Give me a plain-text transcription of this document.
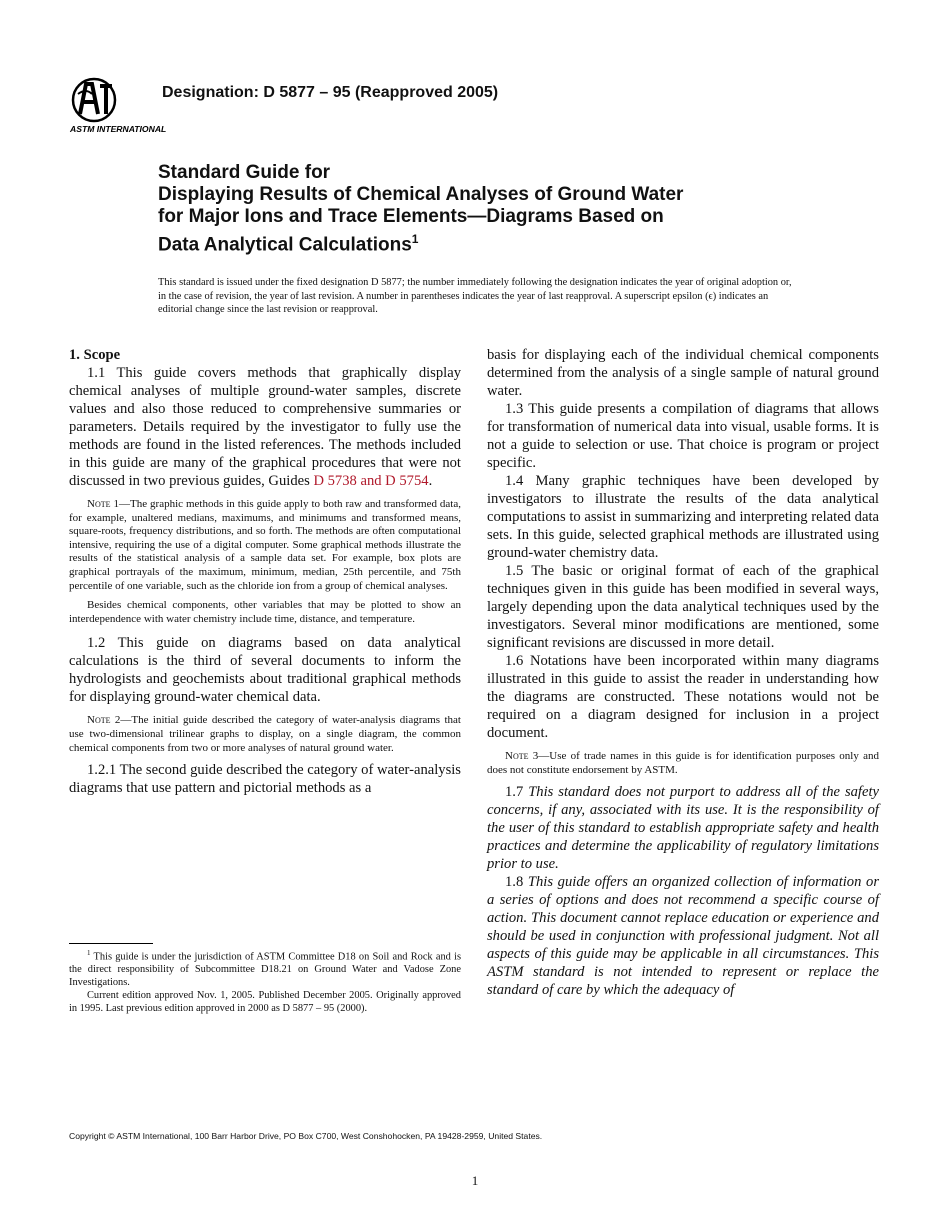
ASTM INTERNATIONAL
Designation: D 5877 – 95 (Reapproved 2005)
Standard Guide for
Displaying Results of Chemical Analyses of Ground Water
for Major Ions and Trace Elements—Diagrams Based on
Data Analytical Calculations$^1$

This standard is issued under the fixed designation D 5877; the number immediately following the designation indicates the year of original adoption or, in the case of revision, the year of last revision. A number in parentheses indicates the year of last reapproval. A superscript epsilon (ϵ) indicates an editorial change since the last revision or reapproval.

1. Scope

1.1 This guide covers methods that graphically display chemical analyses of multiple ground-water samples, discrete values and also those reduced to comprehensive summaries or parameters. Details required by the investigator to fully use the methods are found in the listed references. The methods included in this guide are many of the graphical procedures that were not discussed in two previous guides, Guides D 5738 and D 5754.

Note 1—The graphic methods in this guide apply to both raw and transformed data, for example, unaltered medians, maximums, and minimums and transformed means, square-roots, frequency distributions, and so forth. The methods are often computational intensive, requiring the use of a digital computer. Some graphical methods illustrate the results of the statistical analysis of a sample data set. For example, box plots are graphical portrayals of the maximum, minimum, median, 25th percentile, and 75th percentile of one variable, such as the chloride ion from a group of chemical analyses.

Besides chemical components, other variables that may be plotted to show an interdependence with water chemistry include time, distance, and temperature.

1.2 This guide on diagrams based on data analytical calculations is the third of several documents to inform the hydrologists and geochemists about traditional graphical methods for displaying ground-water chemical data.

Note 2—The initial guide described the category of water-analysis diagrams that use two-dimensional trilinear graphs to display, on a single diagram, the common chemical components from two or more analyses of natural ground water.

1.2.1 The second guide described the category of water-analysis diagrams that use pattern and pictorial methods as a

basis for displaying each of the individual chemical components determined from the analysis of a single sample of natural ground water.

1.3 This guide presents a compilation of diagrams that allows for transformation of numerical data into visual, usable forms. It is not a guide to selection or use. That choice is program or project specific.

1.4 Many graphic techniques have been developed by investigators to illustrate the results of the data analytical computations to assist in summarizing and interpreting related data sets. In this guide, selected graphical methods are illustrated using ground-water chemistry data.

1.5 The basic or original format of each of the graphical techniques given in this guide has been modified in several ways, largely depending upon the data analytical techniques used by the investigators. Several minor modifications are mentioned, some significant revisions are discussed in more detail.

1.6 Notations have been incorporated within many diagrams illustrated in this guide to assist the reader in understanding how the diagrams are constructed. These notations would not be required on a diagram designed for inclusion in a project document.

Note 3—Use of trade names in this guide is for identification purposes only and does not constitute endorsement by ASTM.

1.7 This standard does not purport to address all of the safety concerns, if any, associated with its use. It is the responsibility of the user of this standard to establish appropriate safety and health practices and determine the applicability of regulatory limitations prior to use.

1.8 This guide offers an organized collection of information or a series of options and does not recommend a specific course of action. This document cannot replace education or experience and should be used in conjunction with professional judgment. Not all aspects of this guide may be applicable in all circumstances. This ASTM standard is not intended to represent or replace the standard of care by which the adequacy of

$^1$ This guide is under the jurisdiction of ASTM Committee D18 on Soil and Rock and is the direct responsibility of Subcommittee D18.21 on Ground Water and Vadose Zone Investigations.

Current edition approved Nov. 1, 2005. Published December 2005. Originally approved in 1995. Last previous edition approved in 2000 as D 5877 – 95 (2000).

Copyright © ASTM International, 100 Barr Harbor Drive, PO Box C700, West Conshohocken, PA 19428-2959, United States.
1
